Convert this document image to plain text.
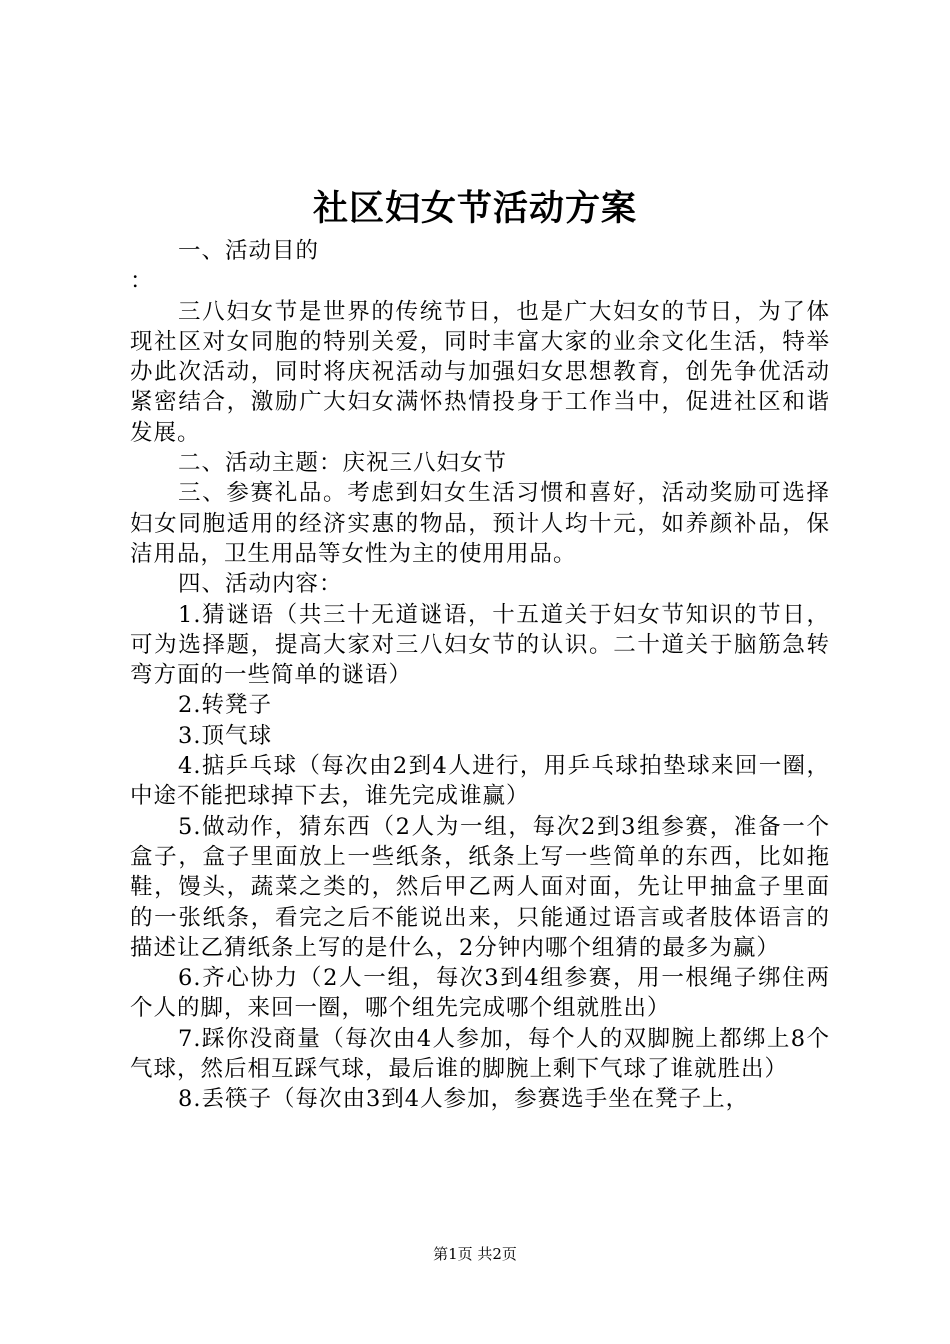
社区妇女节活动方案

一、活动目的

：

三八妇女节是世界的传统节日，也是广大妇女的节日，为了体现社区对女同胞的特别关爱，同时丰富大家的业余文化生活，特举办此次活动，同时将庆祝活动与加强妇女思想教育，创先争优活动紧密结合，激励广大妇女满怀热情投身于工作当中，促进社区和谐发展。

二、活动主题：庆祝三八妇女节

三、参赛礼品。考虑到妇女生活习惯和喜好，活动奖励可选择妇女同胞适用的经济实惠的物品，预计人均十元，如养颜补品，保洁用品，卫生用品等女性为主的使用用品。

四、活动内容：

1.猜谜语（共三十无道谜语，十五道关于妇女节知识的节日，可为选择题，提高大家对三八妇女节的认识。二十道关于脑筋急转弯方面的一些简单的谜语）

2.转凳子

3.顶气球

4.掂乒乓球（每次由2到4人进行，用乒乓球拍垫球来回一圈，中途不能把球掉下去，谁先完成谁赢）

5.做动作，猜东西（2人为一组，每次2到3组参赛，准备一个盒子，盒子里面放上一些纸条，纸条上写一些简单的东西，比如拖鞋，馒头，蔬菜之类的，然后甲乙两人面对面，先让甲抽盒子里面的一张纸条，看完之后不能说出来，只能通过语言或者肢体语言的描述让乙猜纸条上写的是什么，2分钟内哪个组猜的最多为赢）

6.齐心协力（2人一组，每次3到4组参赛，用一根绳子绑住两个人的脚，来回一圈，哪个组先完成哪个组就胜出）

7.踩你没商量（每次由4人参加，每个人的双脚腕上都绑上8个气球，然后相互踩气球，最后谁的脚腕上剩下气球了谁就胜出）

8.丢筷子（每次由3到4人参加，参赛选手坐在凳子上，

第1页 共2页
